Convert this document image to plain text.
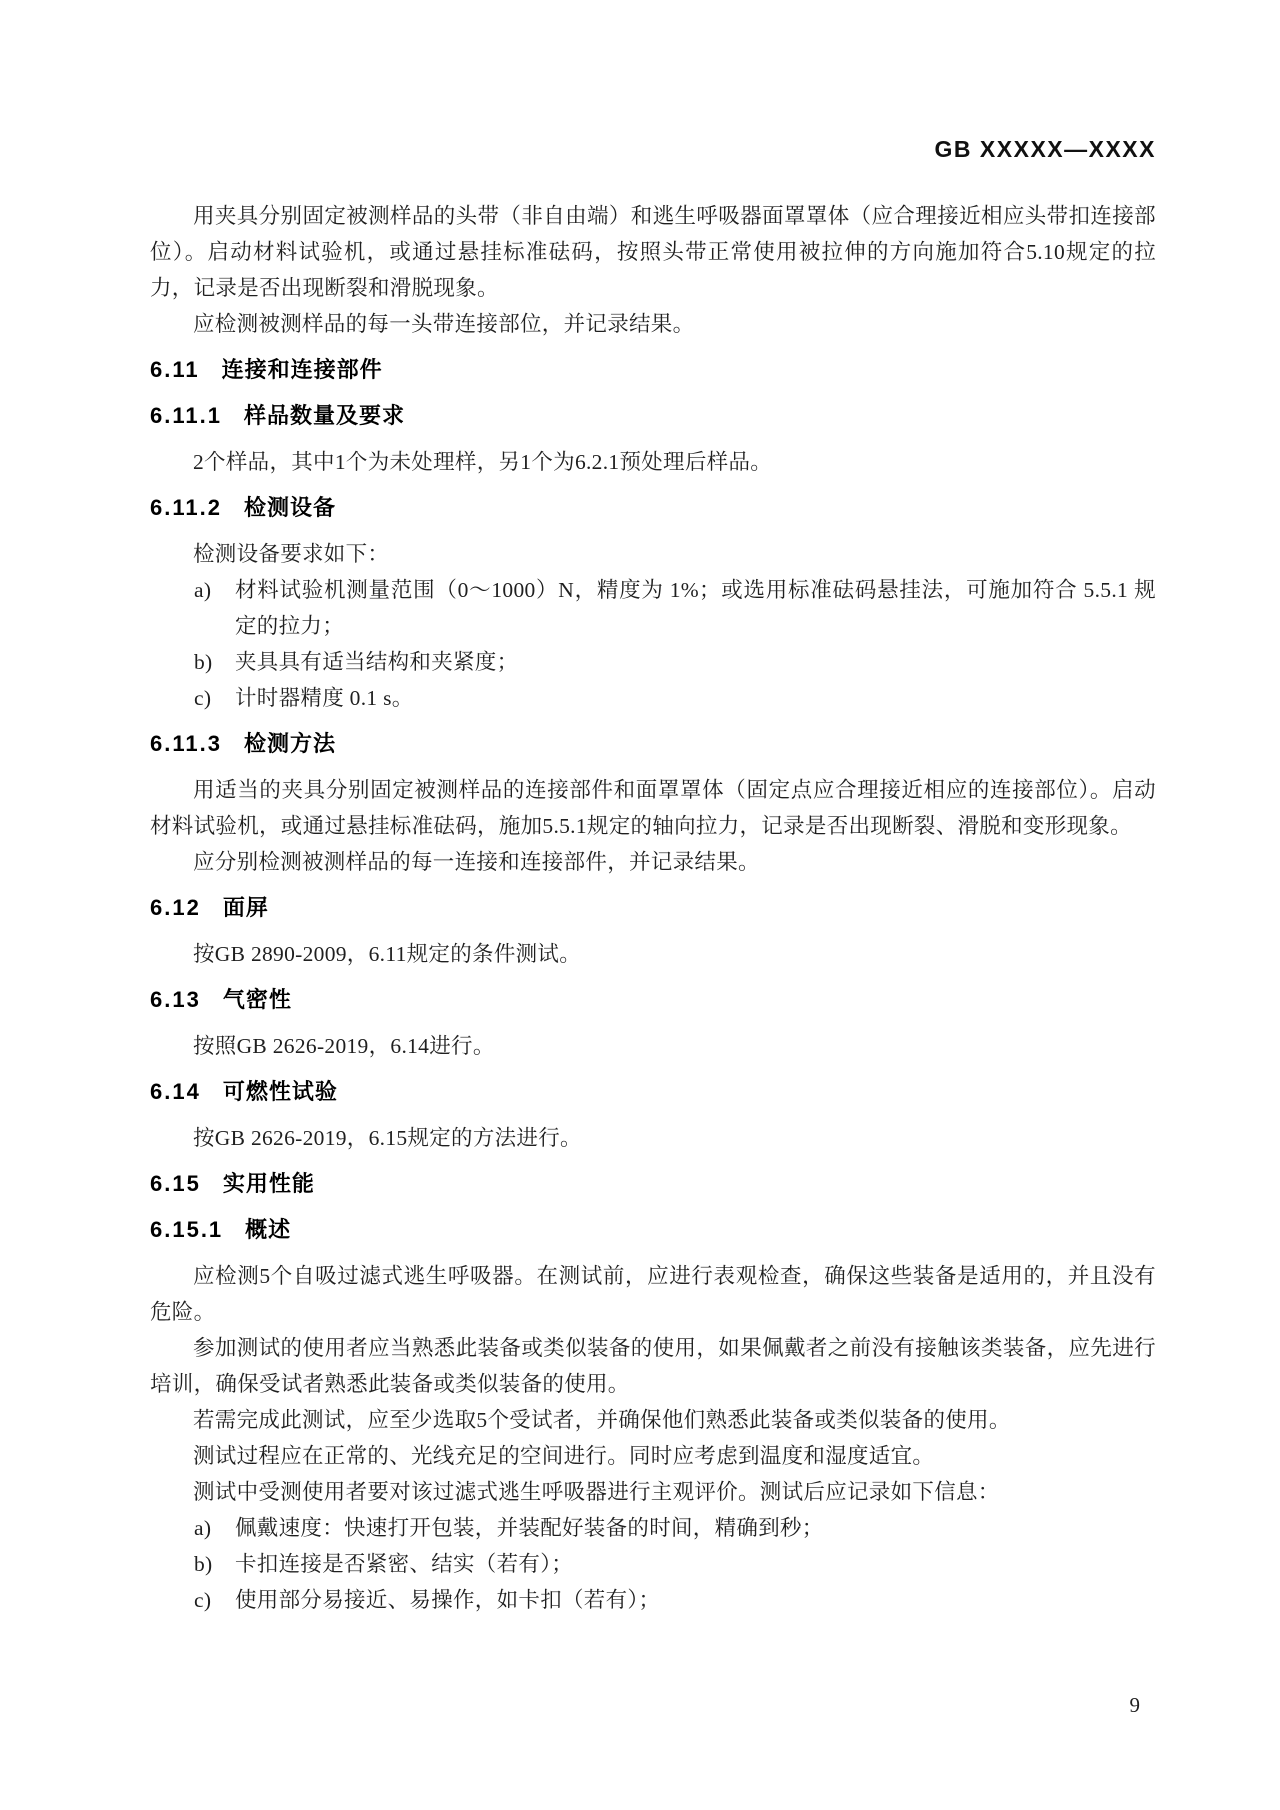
GB XXXXX—XXXX

用夹具分别固定被测样品的头带（非自由端）和逃生呼吸器面罩罩体（应合理接近相应头带扣连接部位）。启动材料试验机，或通过悬挂标准砝码，按照头带正常使用被拉伸的方向施加符合5.10规定的拉力，记录是否出现断裂和滑脱现象。

应检测被测样品的每一头带连接部位，并记录结果。

6.11 连接和连接部件
6.11.1 样品数量及要求

2个样品，其中1个为未处理样，另1个为6.2.1预处理后样品。

6.11.2 检测设备

检测设备要求如下：

a) 材料试验机测量范围（0～1000）N，精度为 1%；或选用标准砝码悬挂法，可施加符合 5.5.1 规定的拉力；
b) 夹具具有适当结构和夹紧度；
c) 计时器精度 0.1 s。
6.11.3 检测方法

用适当的夹具分别固定被测样品的连接部件和面罩罩体（固定点应合理接近相应的连接部位）。启动材料试验机，或通过悬挂标准砝码，施加5.5.1规定的轴向拉力，记录是否出现断裂、滑脱和变形现象。

应分别检测被测样品的每一连接和连接部件，并记录结果。

6.12 面屏

按GB 2890-2009，6.11规定的条件测试。

6.13 气密性

按照GB 2626-2019，6.14进行。

6.14 可燃性试验

按GB 2626-2019，6.15规定的方法进行。

6.15 实用性能
6.15.1 概述

应检测5个自吸过滤式逃生呼吸器。在测试前，应进行表观检查，确保这些装备是适用的，并且没有危险。

参加测试的使用者应当熟悉此装备或类似装备的使用，如果佩戴者之前没有接触该类装备，应先进行培训，确保受试者熟悉此装备或类似装备的使用。

若需完成此测试，应至少选取5个受试者，并确保他们熟悉此装备或类似装备的使用。

测试过程应在正常的、光线充足的空间进行。同时应考虑到温度和湿度适宜。

测试中受测使用者要对该过滤式逃生呼吸器进行主观评价。测试后应记录如下信息：

a) 佩戴速度：快速打开包装，并装配好装备的时间，精确到秒；
b) 卡扣连接是否紧密、结实（若有）；
c) 使用部分易接近、易操作，如卡扣（若有）；
9
